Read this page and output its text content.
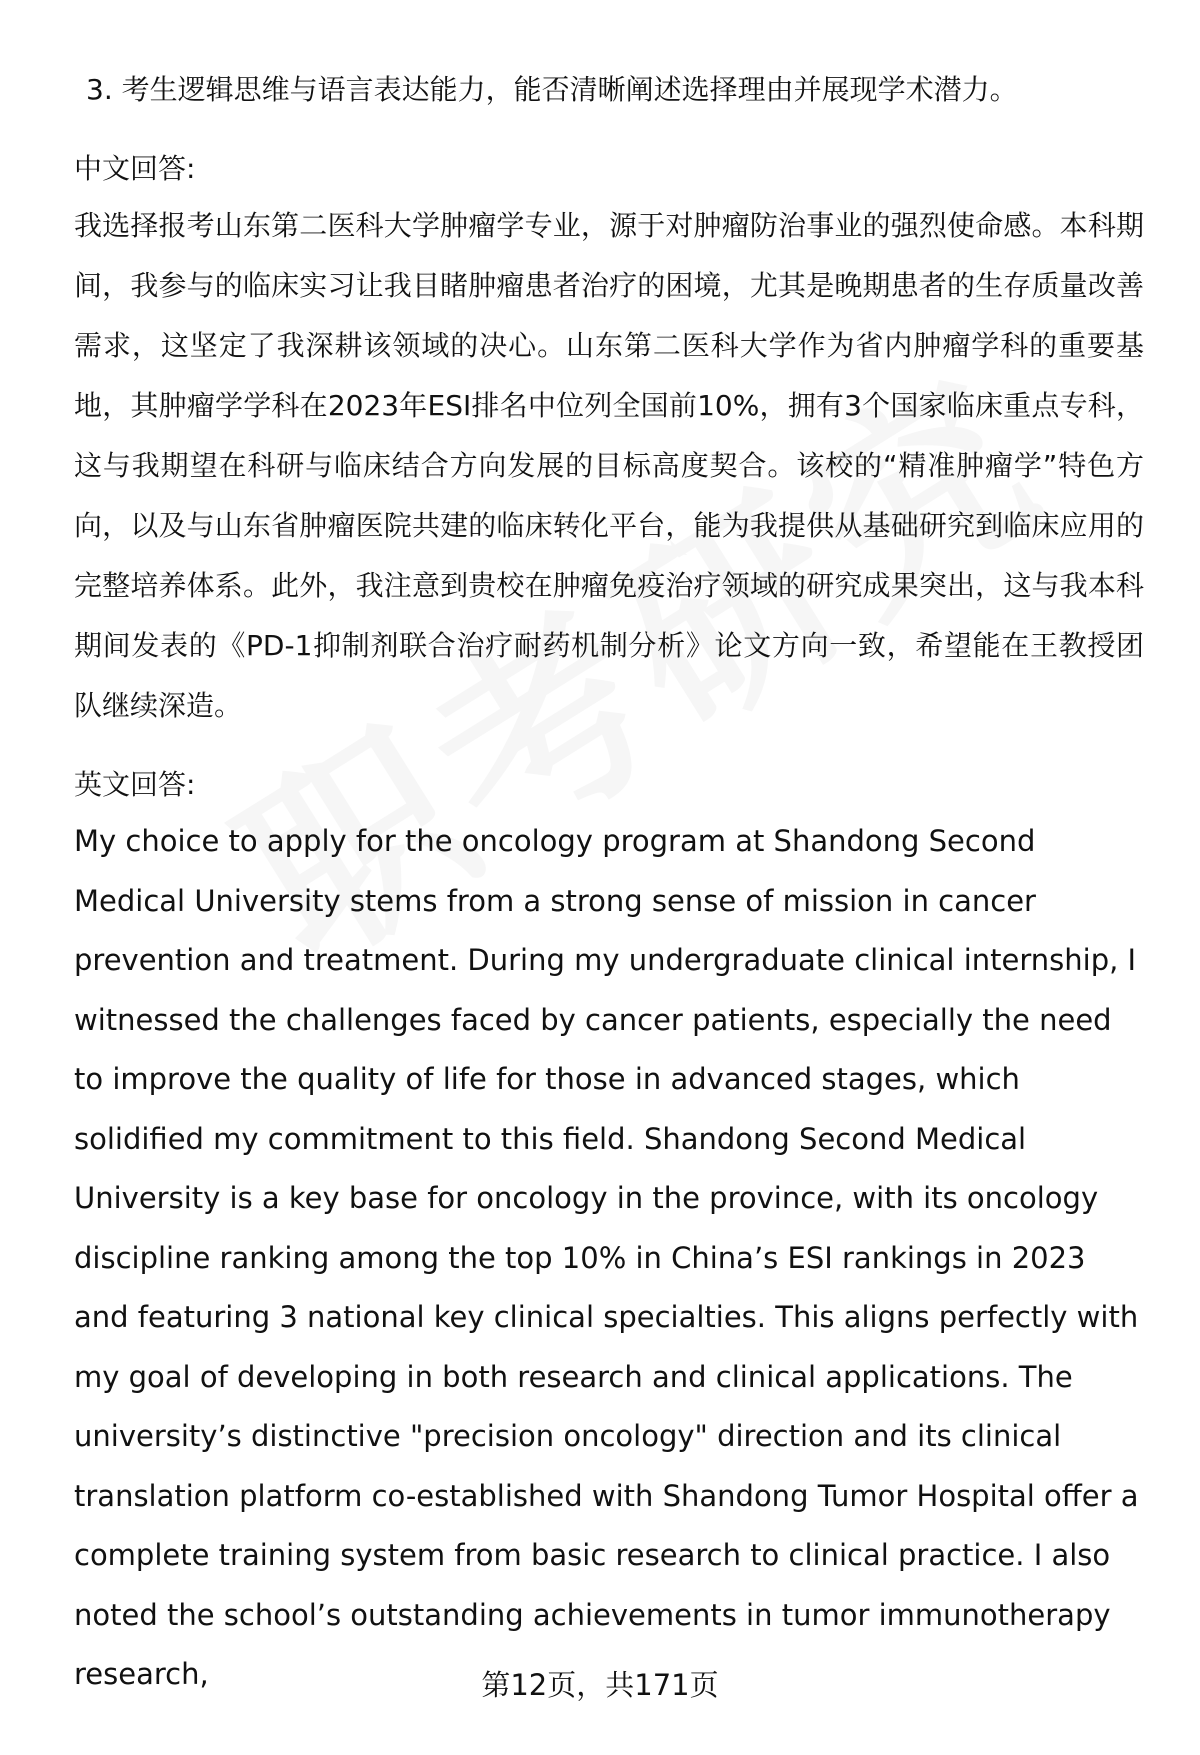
3. 考生逻辑思维与语言表达能力，能否清晰阐述选择理由并展现学术潜力。

中文回答:

我选择报考山东第二医科大学肿瘤学专业，源于对肿瘤防治事业的强烈使命感。本科期间，我参与的临床实习让我目睹肿瘤患者治疗的困境，尤其是晚期患者的生存质量改善需求，这坚定了我深耕该领域的决心。山东第二医科大学作为省内肿瘤学科的重要基地，其肿瘤学学科在2023年ESI排名中位列全国前10%，拥有3个国家临床重点专科，这与我期望在科研与临床结合方向发展的目标高度契合。该校的“精准肿瘤学”特色方向，以及与山东省肿瘤医院共建的临床转化平台，能为我提供从基础研究到临床应用的完整培养体系。此外，我注意到贵校在肿瘤免疫治疗领域的研究成果突出，这与我本科期间发表的《PD-1抑制剂联合治疗耐药机制分析》论文方向一致，希望能在王教授团队继续深造。

英文回答:

My choice to apply for the oncology program at Shandong Second Medical University stems from a strong sense of mission in cancer prevention and treatment. During my undergraduate clinical internship, I witnessed the challenges faced by cancer patients, especially the need to improve the quality of life for those in advanced stages, which solidified my commitment to this field. Shandong Second Medical University is a key base for oncology in the province, with its oncology discipline ranking among the top 10% in China’s ESI rankings in 2023 and featuring 3 national key clinical specialties. This aligns perfectly with my goal of developing in both research and clinical applications. The university’s distinctive "precision oncology" direction and its clinical translation platform co-established with Shandong Tumor Hospital offer a complete training system from basic research to clinical practice. I also noted the school’s outstanding achievements in tumor immunotherapy research,	第12页，共171页
